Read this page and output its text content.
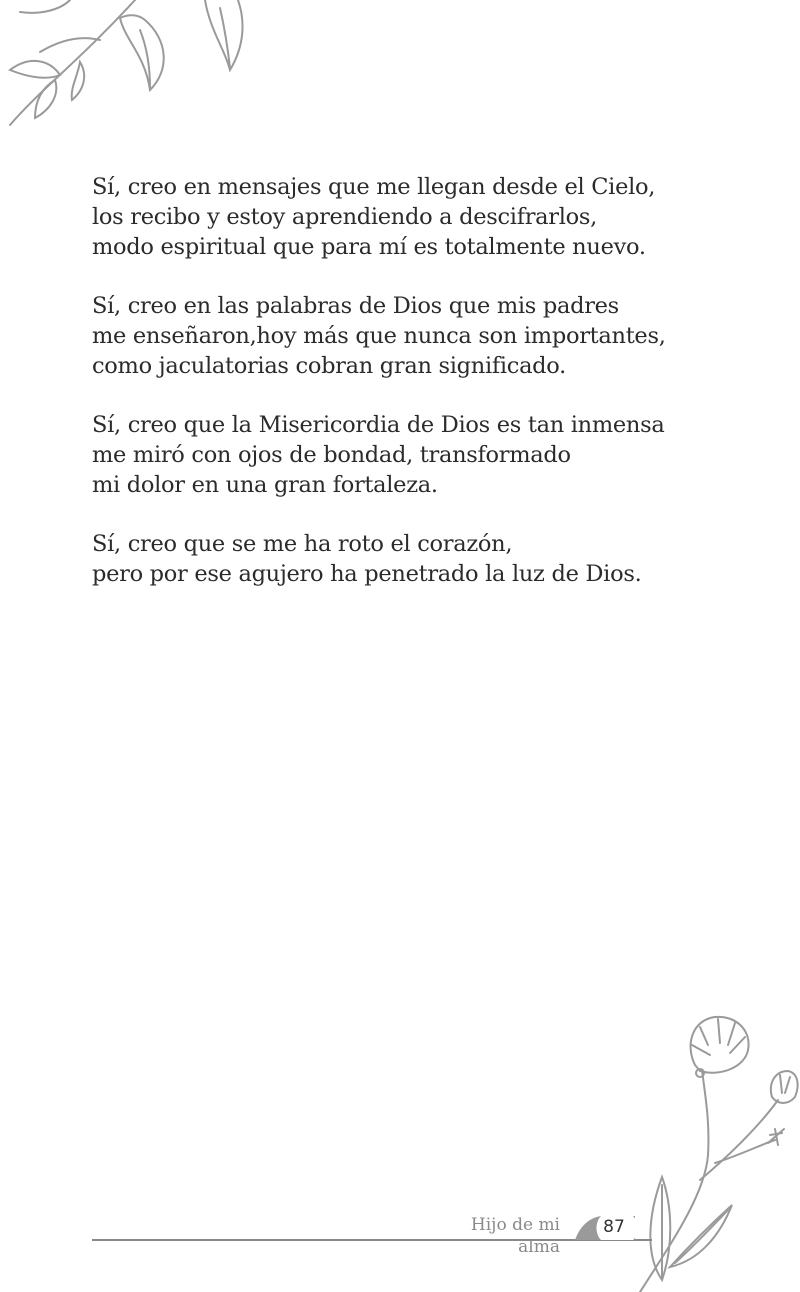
Sí, creo en mensajes que me llegan desde el Cielo,
los recibo y estoy aprendiendo a descifrarlos,
modo espiritual que para mí es totalmente nuevo.
Sí, creo en las palabras de Dios que mis padres
me enseñaron,hoy más que nunca son importantes,
como jaculatorias cobran gran significado.
Sí, creo que la Misericordia de Dios es tan inmensa
me miró con ojos de bondad, transformado
mi dolor en una gran fortaleza.
Sí, creo que se me ha roto el corazón,
pero por ese agujero ha penetrado la luz de Dios.
Hijo de mi alma
87
